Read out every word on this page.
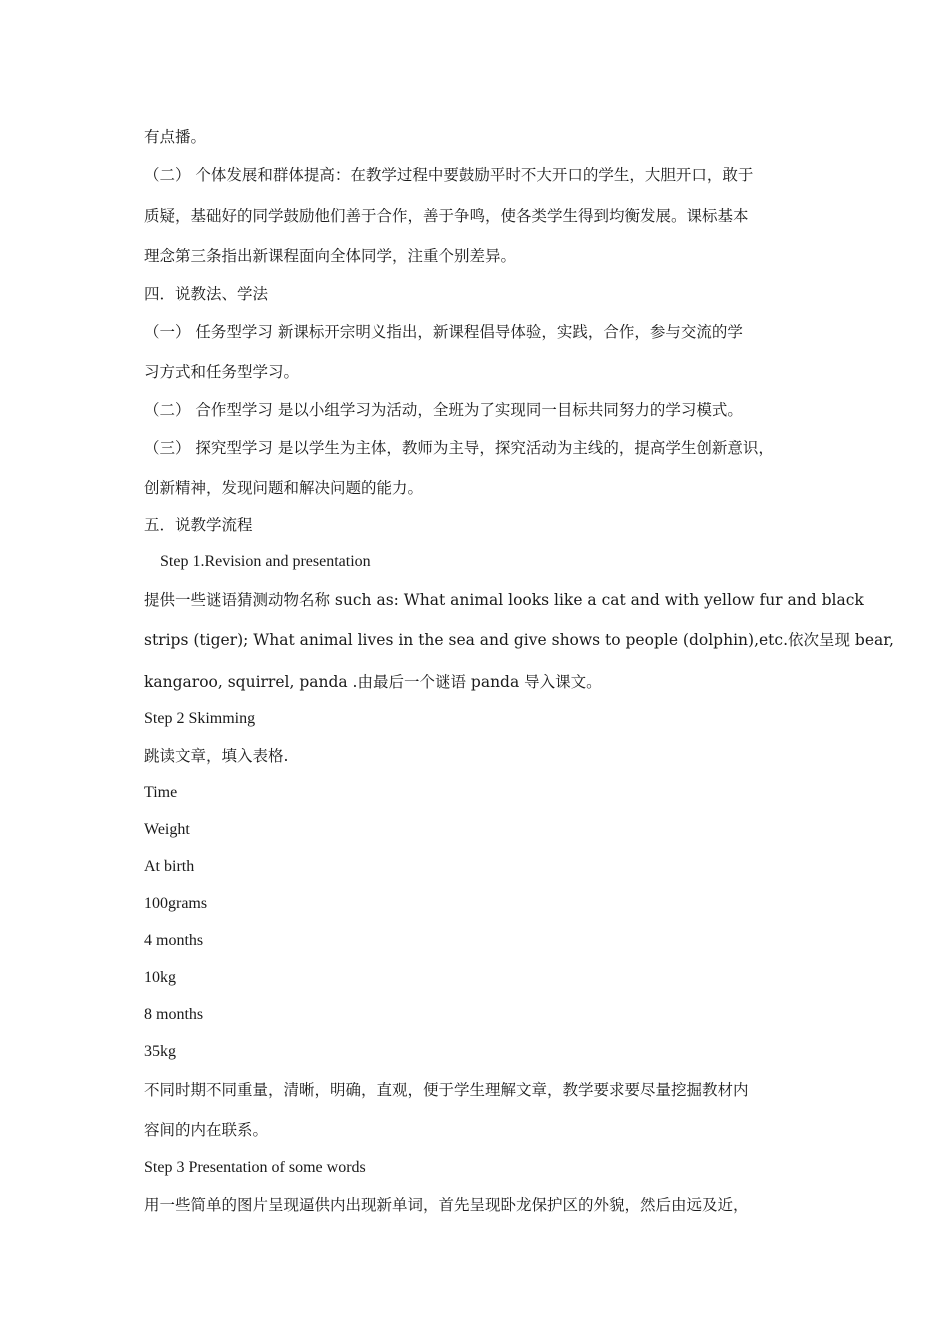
有点播。
（二） 个体发展和群体提高：在教学过程中要鼓励平时不大开口的学生，大胆开口，敢于
质疑，基础好的同学鼓励他们善于合作，善于争鸣，使各类学生得到均衡发展。课标基本
理念第三条指出新课程面向全体同学，注重个别差异。
四．说教法、学法
（一） 任务型学习 新课标开宗明义指出，新课程倡导体验，实践，合作，参与交流的学
习方式和任务型学习。
（二） 合作型学习 是以小组学习为活动，全班为了实现同一目标共同努力的学习模式。
（三） 探究型学习 是以学生为主体，教师为主导，探究活动为主线的，提高学生创新意识，
创新精神，发现问题和解决问题的能力。
五．说教学流程
Step 1.Revision and presentation
提供一些谜语猜测动物名称 such as: What animal looks like a cat and with yellow fur and black
strips (tiger); What animal lives in the sea and give shows to people (dolphin),etc.依次呈现 bear,
kangaroo, squirrel, panda .由最后一个谜语 panda 导入课文。
Step 2 Skimming
跳读文章，填入表格.
Time
Weight
At birth
100grams
4 months
10kg
8 months
35kg
不同时期不同重量，清晰，明确，直观，便于学生理解文章，教学要求要尽量挖掘教材内
容间的内在联系。
Step 3 Presentation of some words
用一些简单的图片呈现逼供内出现新单词，首先呈现卧龙保护区的外貌，然后由远及近，
